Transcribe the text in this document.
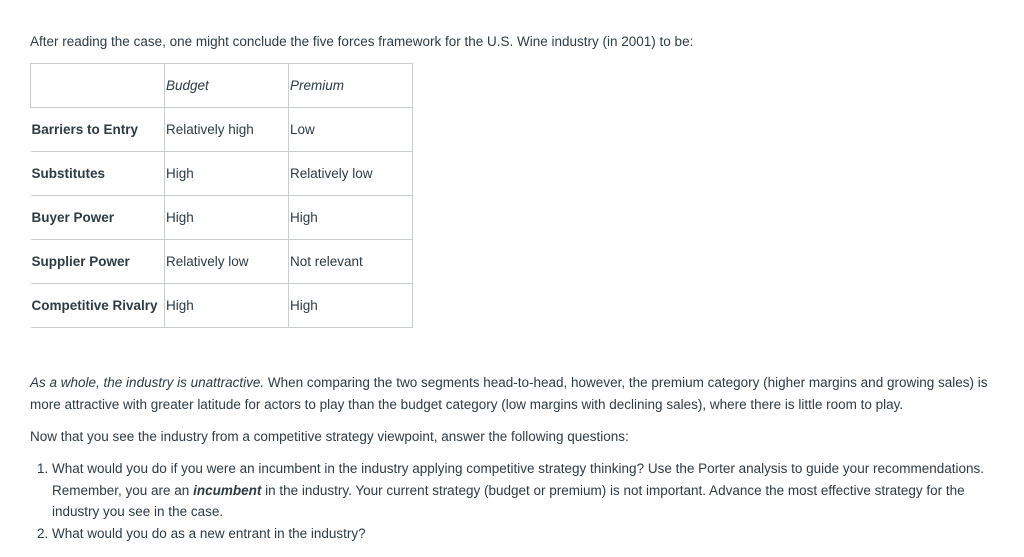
After reading the case, one might conclude the five forces framework for the U.S. Wine industry (in 2001) to be:

	Budget	Premium
Barriers to Entry	Relatively high	Low
Substitutes	High	Relatively low
Buyer Power	High	High
Supplier Power	Relatively low	Not relevant
Competitive Rivalry	High	High

As a whole, the industry is unattractive. When comparing the two segments head-to-head, however, the premium category (higher margins and growing sales) is more attractive with greater latitude for actors to play than the budget category (low margins with declining sales), where there is little room to play.

Now that you see the industry from a competitive strategy viewpoint, answer the following questions:

1. What would you do if you were an incumbent in the industry applying competitive strategy thinking? Use the Porter analysis to guide your recommendations. Remember, you are an incumbent in the industry. Your current strategy (budget or premium) is not important. Advance the most effective strategy for the industry you see in the case.
2. What would you do as a new entrant in the industry?
